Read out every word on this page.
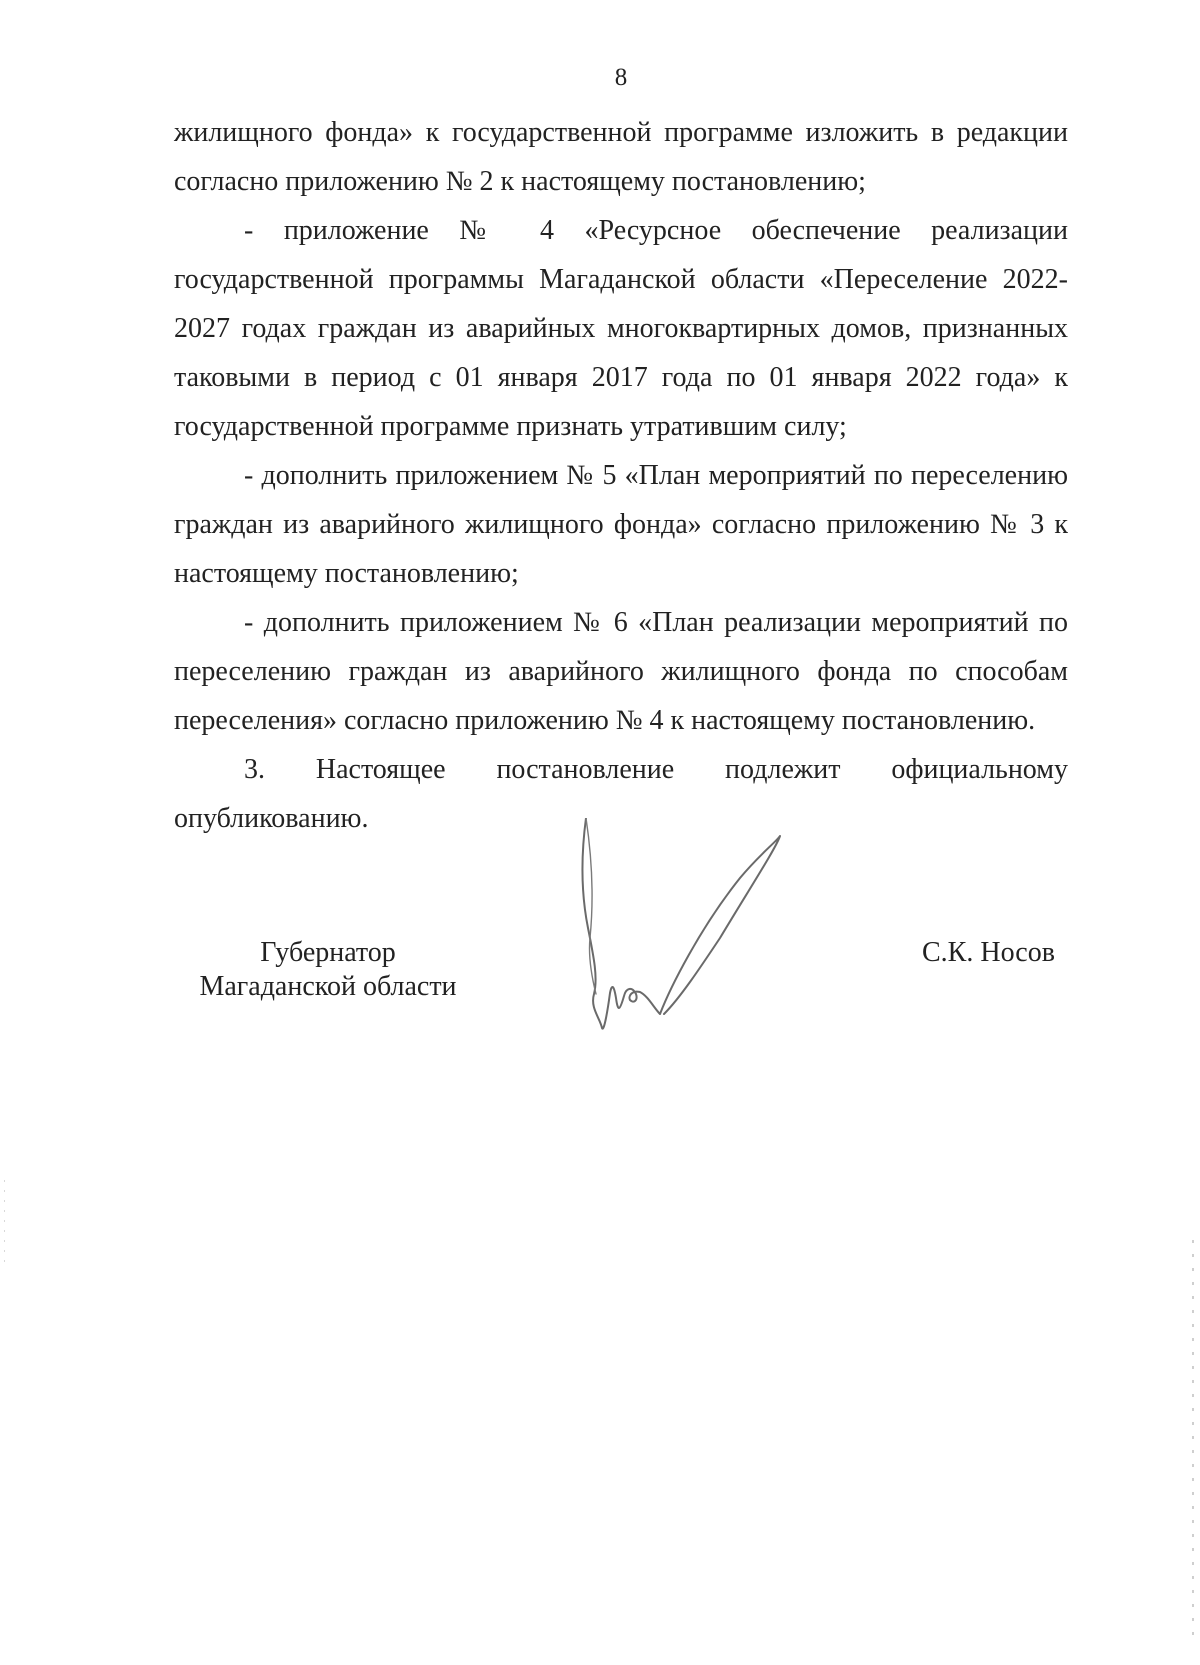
8

жилищного фонда» к государственной программе изложить в редакции согласно приложению № 2 к настоящему постановлению;

- приложение № 4 «Ресурсное обеспечение реализации государственной программы Магаданской области «Переселение 2022-2027 годах граждан из аварийных многоквартирных домов, признанных таковыми в период с 01 января 2017 года по 01 января 2022 года» к государственной программе признать утратившим силу;

- дополнить приложением № 5 «План мероприятий по переселению граждан из аварийного жилищного фонда» согласно приложению № 3 к настоящему постановлению;

- дополнить приложением № 6 «План реализации мероприятий по переселению граждан из аварийного жилищного фонда по способам переселения» согласно приложению № 4 к настоящему постановлению.

3. Настоящее постановление подлежит официальному опубликованию.

Губернатор
Магаданской области
С.К. Носов
